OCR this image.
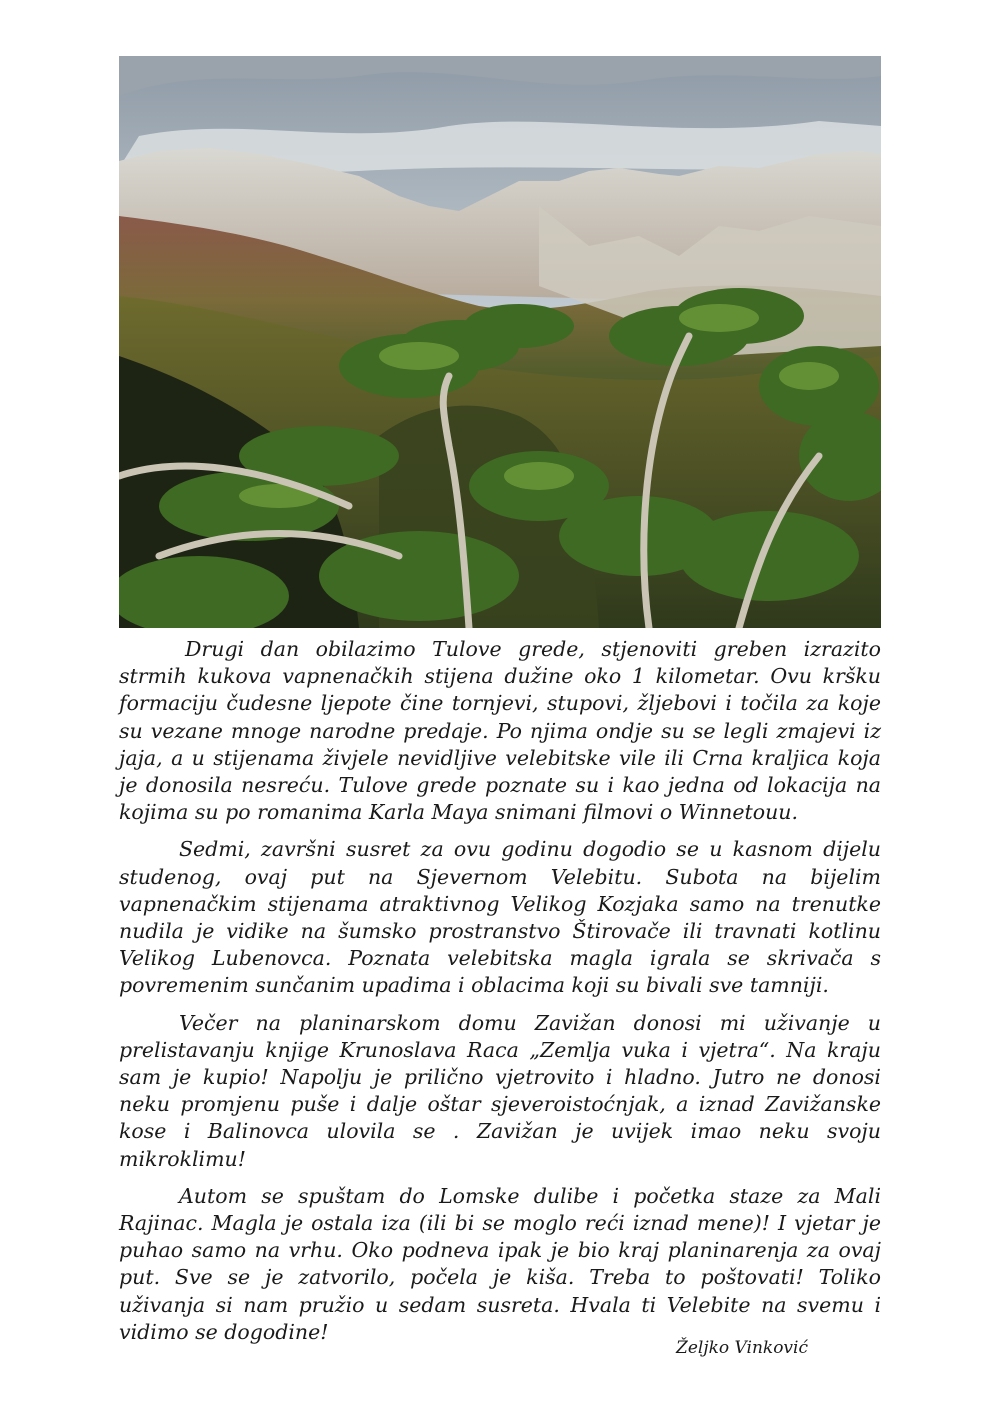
Drugi dan obilazimo Tulove grede, stjenoviti greben izrazito strmih kukova vapnenačkih stijena dužine oko 1 kilometar. Ovu kršku formaciju čudesne ljepote čine tornjevi, stupovi, žljebovi i točila za koje su vezane mnoge narodne predaje. Po njima ondje su se legli zmajevi iz jaja, a u stijenama živjele nevidljive velebitske vile ili Crna kraljica koja je donosila nesreću. Tulove grede poznate su i kao jedna od lokacija na kojima su po romanima Karla Maya snimani filmovi o Winnetouu.

Sedmi, završni susret za ovu godinu dogodio se u kasnom dijelu studenog, ovaj put na Sjevernom Velebitu. Subota na bijelim vapnenačkim stijenama atraktivnog Velikog Kozjaka samo na trenutke nudila je vidike na šumsko prostranstvo Štirovače ili travnati kotlinu Velikog Lubenovca. Poznata velebitska magla igrala se skrivača s povremenim sunčanim upadima i oblacima koji su bivali sve tamniji.

Večer na planinarskom domu Zavižan donosi mi uživanje u prelistavanju knjige Krunoslava Raca „Zemlja vuka i vjetra“. Na kraju sam je kupio! Napolju je prilično vjetrovito i hladno. Jutro ne donosi neku promjenu puše i dalje oštar sjeveroistoćnjak, a iznad Zavižanske kose i Balinovca ulovila se . Zavižan je uvijek imao neku svoju mikroklimu!

Autom se spuštam do Lomske dulibe i početka staze za Mali Rajinac. Magla je ostala iza (ili bi se moglo reći iznad mene)! I vjetar je puhao samo na vrhu. Oko podneva ipak je bio kraj planinarenja za ovaj put. Sve se je zatvorilo, počela je kiša. Treba to poštovati! Toliko uživanja si nam pružio u sedam susreta. Hvala ti Velebite na svemu i vidimo se dogodine!

Željko Vinković
